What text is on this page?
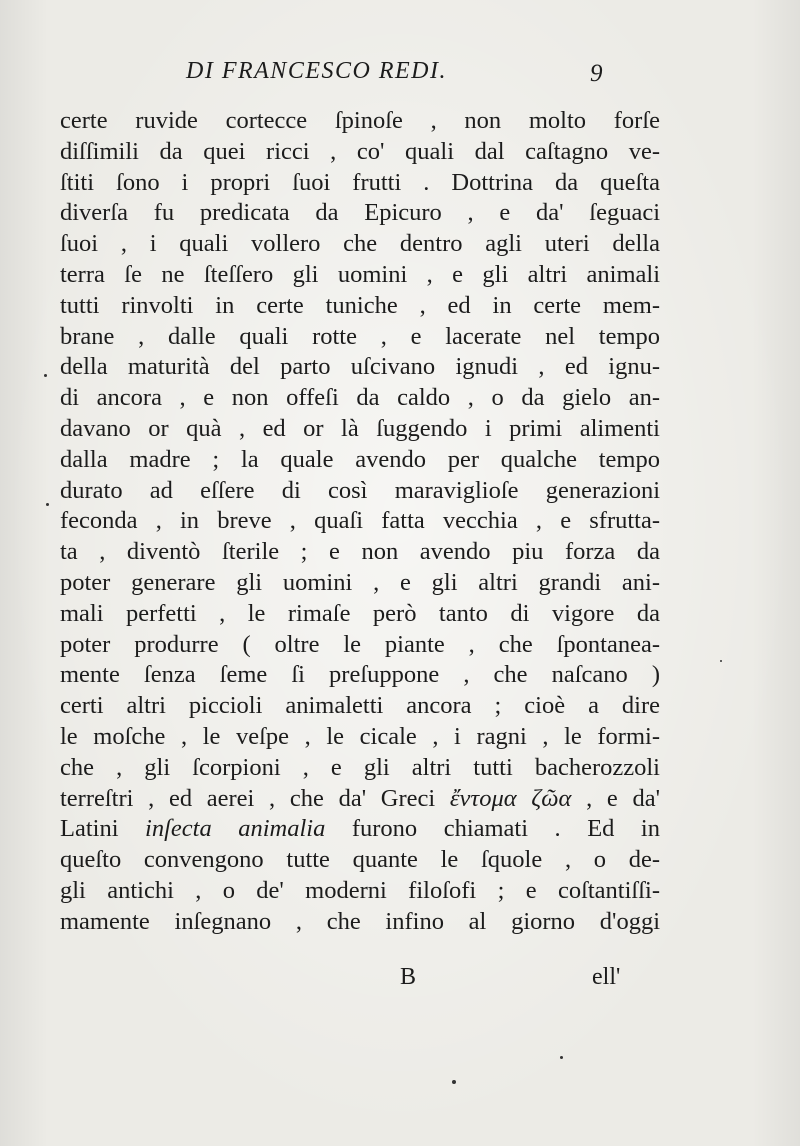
DI FRANCESCO REDI.	9
certe ruvide cortecce ſpinoſe , non molto forſe
diſſimili da quei ricci , co' quali dal caſtagno ve-
ſtiti ſono i propri ſuoi frutti . Dottrina da queſta
diverſa fu predicata da Epicuro , e da' ſeguaci
ſuoi , i quali vollero che dentro agli uteri della
terra ſe ne ſteſſero gli uomini , e gli altri animali
tutti rinvolti in certe tuniche , ed in certe mem-
brane , dalle quali rotte , e lacerate nel tempo
della maturità del parto uſcivano ignudi , ed ignu-
di ancora , e non offeſi da caldo , o da gielo an-
davano or quà , ed or là ſuggendo i primi alimenti
dalla madre ; la quale avendo per qualche tempo
durato ad eſſere di così maraviglioſe generazioni
feconda , in breve , quaſi fatta vecchia , e sfrutta-
ta , diventò ſterile ; e non avendo piu forza da
poter generare gli uomini , e gli altri grandi ani-
mali perfetti , le rimaſe però tanto di vigore da
poter produrre ( oltre le piante , che ſpontanea-
mente ſenza ſeme ſi preſuppone , che naſcano )
certi altri piccioli animaletti ancora ; cioè a dire
le moſche , le veſpe , le cicale , i ragni , le formi-
che , gli ſcorpioni , e gli altri tutti bacherozzoli
terreſtri , ed aerei , che da' Greci ἔντομα ζῶα , e da'
Latini inſecta animalia furono chiamati . Ed in
queſto convengono tutte quante le ſquole , o de-
gli antichi , o de' moderni filoſofi ; e coſtantiſſi-
mamente inſegnano , che infino al giorno d'oggi
B	ell'
